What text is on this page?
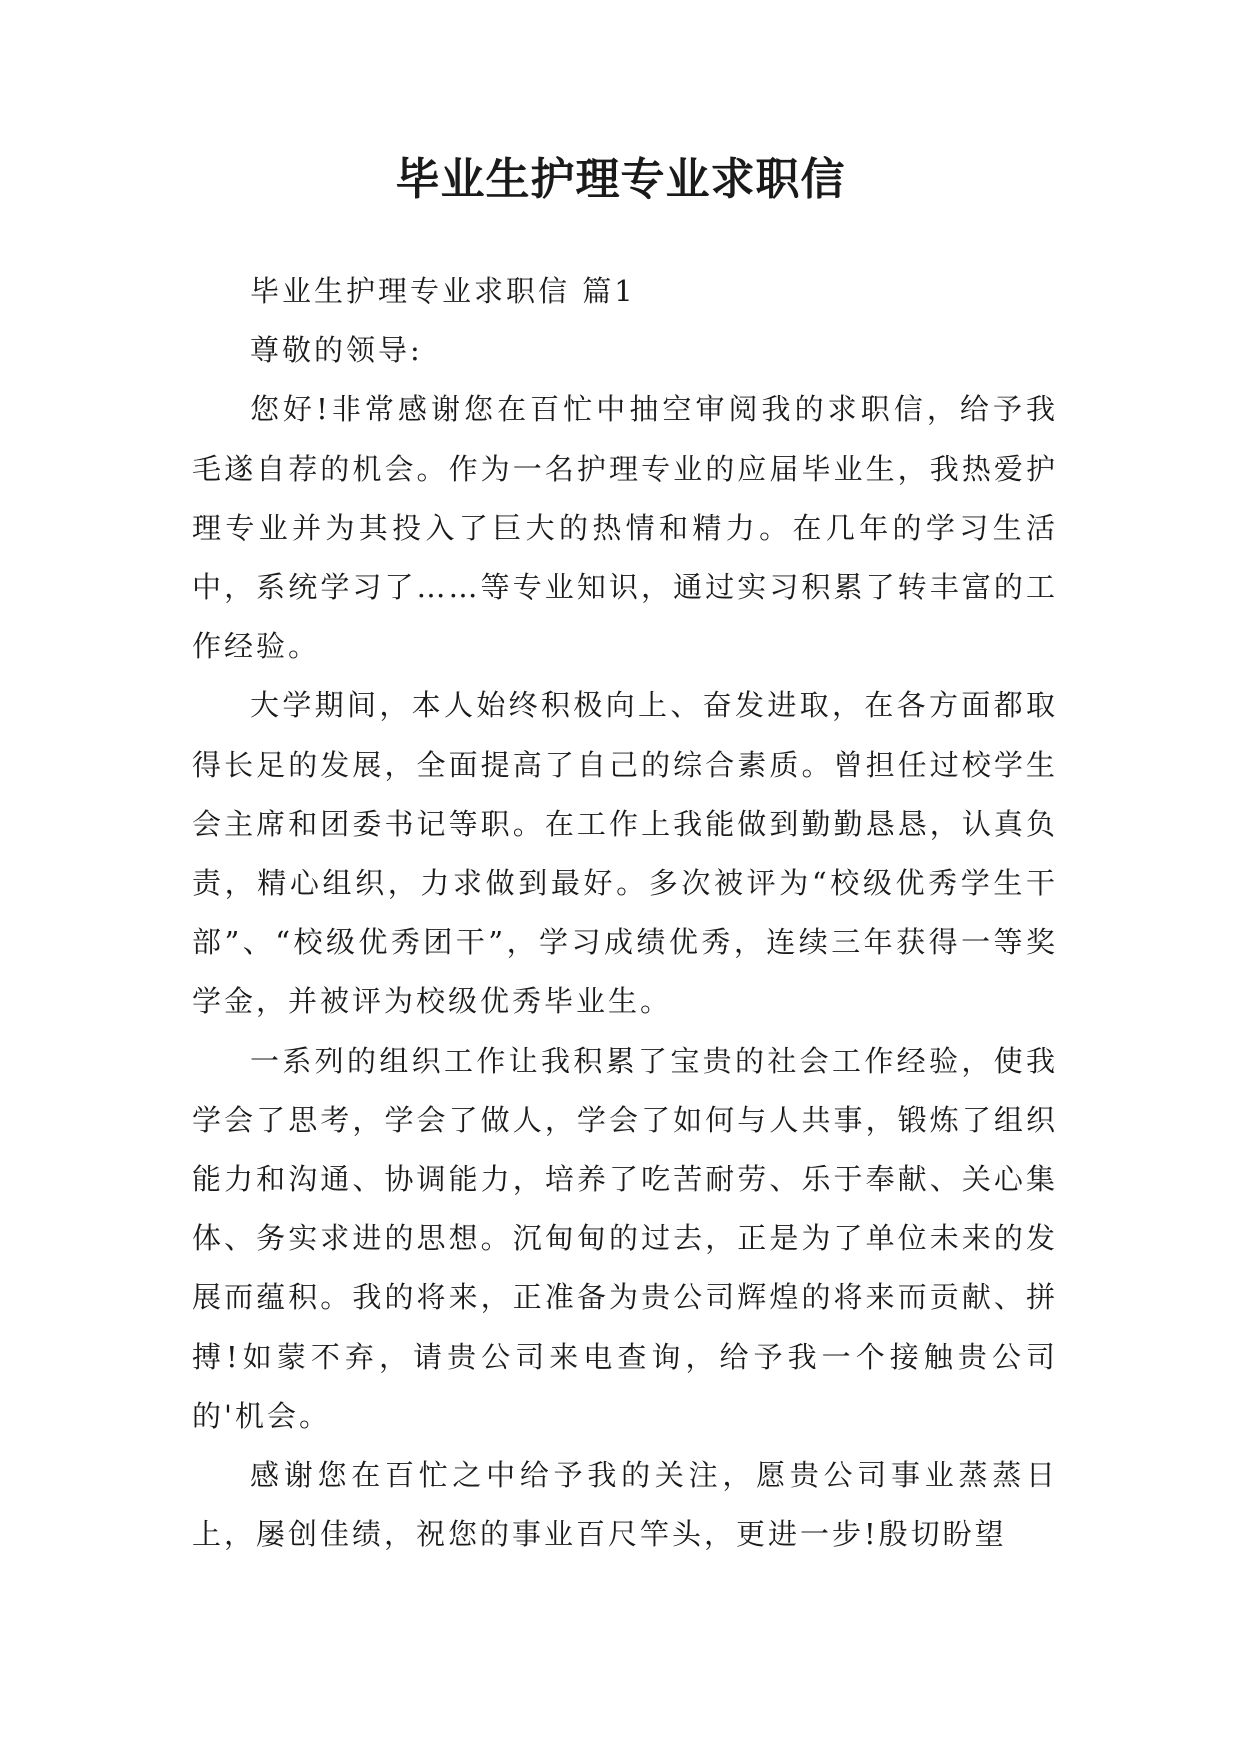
毕业生护理专业求职信

毕业生护理专业求职信 篇1

尊敬的领导:

您好!非常感谢您在百忙中抽空审阅我的求职信，给予我毛遂自荐的机会。作为一名护理专业的应届毕业生，我热爱护理专业并为其投入了巨大的热情和精力。在几年的学习生活中，系统学习了……等专业知识，通过实习积累了转丰富的工作经验。

大学期间，本人始终积极向上、奋发进取，在各方面都取得长足的发展，全面提高了自己的综合素质。曾担任过校学生会主席和团委书记等职。在工作上我能做到勤勤恳恳，认真负责，精心组织，力求做到最好。多次被评为“校级优秀学生干部”、“校级优秀团干”，学习成绩优秀，连续三年获得一等奖学金，并被评为校级优秀毕业生。

一系列的组织工作让我积累了宝贵的社会工作经验，使我学会了思考，学会了做人，学会了如何与人共事，锻炼了组织能力和沟通、协调能力，培养了吃苦耐劳、乐于奉献、关心集体、务实求进的思想。沉甸甸的过去，正是为了单位未来的发展而蕴积。我的将来，正准备为贵公司辉煌的将来而贡献、拼搏!如蒙不弃，请贵公司来电查询，给予我一个接触贵公司的'机会。

感谢您在百忙之中给予我的关注，愿贵公司事业蒸蒸日上，屡创佳绩，祝您的事业百尺竿头，更进一步!殷切盼望
